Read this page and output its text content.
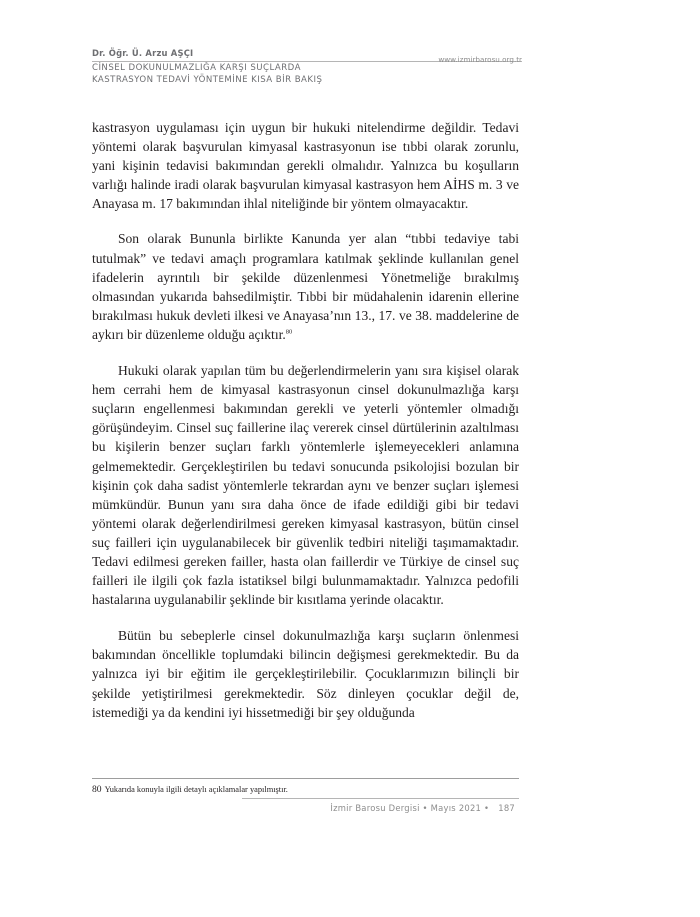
Dr. Öğr. Ü. Arzu AŞÇI
www.izmirbarosu.org.tr
CİNSEL DOKUNULMAZLIĞA KARŞI SUÇLARDA
KASTRASYON TEDAVİ YÖNTEMİNE KISA BİR BAKIŞ

kastrasyon uygulaması için uygun bir hukuki nitelendirme değildir. Tedavi yöntemi olarak başvurulan kimyasal kastrasyonun ise tıbbi olarak zorunlu, yani kişinin tedavisi bakımından gerekli olmalıdır. Yalnızca bu koşulların varlığı halinde iradi olarak başvurulan kimyasal kastrasyon hem AİHS m. 3 ve Anayasa m. 17 bakımından ihlal niteliğinde bir yöntem olmayacaktır.

Son olarak Bununla birlikte Kanunda yer alan “tıbbi tedaviye tabi tutulmak” ve tedavi amaçlı programlara katılmak şeklinde kullanılan genel ifadelerin ayrıntılı bir şekilde düzenlenmesi Yönetmeliğe bırakılmış olmasından yukarıda bahsedilmiştir. Tıbbi bir müdahalenin idarenin ellerine bırakılması hukuk devleti ilkesi ve Anayasa’nın 13., 17. ve 38. maddelerine de aykırı bir düzenleme olduğu açıktır.$^{80}$

Hukuki olarak yapılan tüm bu değerlendirmelerin yanı sıra kişisel olarak hem cerrahi hem de kimyasal kastrasyonun cinsel dokunulmazlığa karşı suçların engellenmesi bakımından gerekli ve yeterli yöntemler olmadığı görüşündeyim. Cinsel suç faillerine ilaç vererek cinsel dürtülerinin azaltılması bu kişilerin benzer suçları farklı yöntemlerle işlemeyecekleri anlamına gelmemektedir. Gerçekleştirilen bu tedavi sonucunda psikolojisi bozulan bir kişinin çok daha sadist yöntemlerle tekrardan aynı ve benzer suçları işlemesi mümkündür. Bunun yanı sıra daha önce de ifade edildiği gibi bir tedavi yöntemi olarak değerlendirilmesi gereken kimyasal kastrasyon, bütün cinsel suç failleri için uygulanabilecek bir güvenlik tedbiri niteliği taşımamaktadır. Tedavi edilmesi gereken failler, hasta olan faillerdir ve Türkiye de cinsel suç failleri ile ilgili çok fazla istatiksel bilgi bulunmamaktadır. Yalnızca pedofili hastalarına uygulanabilir şeklinde bir kısıtlama yerinde olacaktır.

Bütün bu sebeplerle cinsel dokunulmazlığa karşı suçların önlenmesi bakımından öncellikle toplumdaki bilincin değişmesi gerekmektedir. Bu da yalnızca iyi bir eğitim ile gerçekleştirilebilir. Çocuklarımızın bilinçli bir şekilde yetiştirilmesi gerekmektedir. Söz dinleyen çocuklar değil de, istemediği ya da kendini iyi hissetmediği bir şey olduğunda

80 Yukarıda konuyla ilgili detaylı açıklamalar yapılmıştır.
İzmir Barosu Dergisi • Mayıs 2021 • 187
